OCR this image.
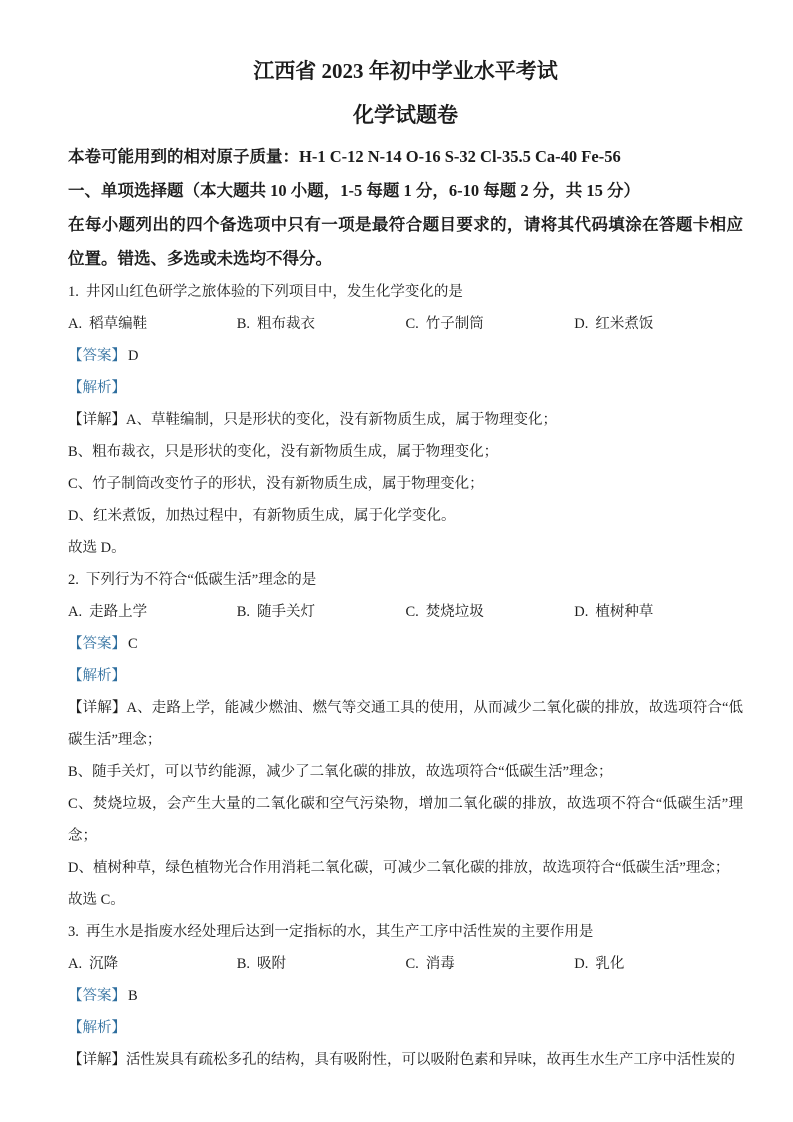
江西省 2023 年初中学业水平考试
化学试题卷

本卷可能用到的相对原子质量：H-1 C-12 N-14 O-16 S-32 Cl-35.5 Ca-40 Fe-56

一、单项选择题（本大题共 10 小题，1-5 每题 1 分，6-10 每题 2 分，共 15 分）

在每小题列出的四个备选项中只有一项是最符合题目要求的，请将其代码填涂在答题卡相应位置。错选、多选或未选均不得分。

1. 井冈山红色研学之旅体验的下列项目中，发生化学变化的是

A. 稻草编鞋	B. 粗布裁衣	C. 竹子制筒	D. 红米煮饭

【答案】 D

【解析】

【详解】A、草鞋编制，只是形状的变化，没有新物质生成，属于物理变化；

B、粗布裁衣，只是形状的变化，没有新物质生成，属于物理变化；

C、竹子制筒改变竹子的形状，没有新物质生成，属于物理变化；

D、红米煮饭，加热过程中，有新物质生成，属于化学变化。

故选 D。

2. 下列行为不符合“低碳生活”理念的是

A. 走路上学	B. 随手关灯	C. 焚烧垃圾	D. 植树种草

【答案】 C

【解析】

【详解】A、走路上学，能减少燃油、燃气等交通工具的使用，从而减少二氧化碳的排放，故选项符合“低碳生活”理念；

B、随手关灯，可以节约能源，减少了二氧化碳的排放，故选项符合“低碳生活”理念；

C、焚烧垃圾，会产生大量的二氧化碳和空气污染物，增加二氧化碳的排放，故选项不符合“低碳生活”理念；

D、植树种草，绿色植物光合作用消耗二氧化碳，可减少二氧化碳的排放，故选项符合“低碳生活”理念；

故选 C。

3. 再生水是指废水经处理后达到一定指标的水，其生产工序中活性炭的主要作用是

A. 沉降	B. 吸附	C. 消毒	D. 乳化

【答案】 B

【解析】

【详解】活性炭具有疏松多孔的结构，具有吸附性，可以吸附色素和异味，故再生水生产工序中活性炭的
